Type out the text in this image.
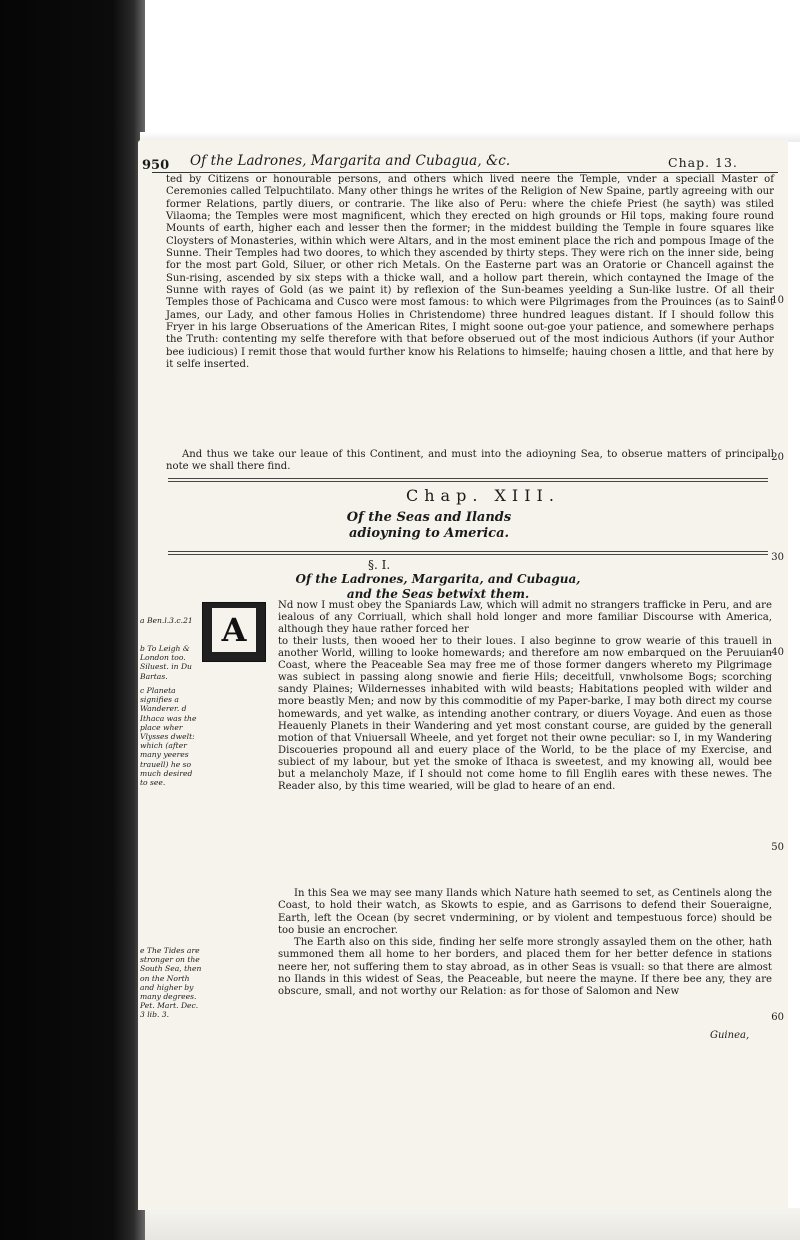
950 Of the Ladrones, Margarita and Cubagua, &c.	Chap. 13.

ted by Citizens or honourable persons, and others which lived neere the Temple, vnder a speciall Master of Ceremonies called Telpuchtilato. Many other things he writes of the Religion of New Spaine, partly agreeing with our former Relations, partly diuers, or contrarie. The like also of Peru: where the chiefe Priest (he sayth) was stiled Vilaoma; the Temples were most magnificent, which they erected on high grounds or Hil tops, making foure round Mounts of earth, higher each and lesser then the former; in the middest building the Temple in foure squares like Cloysters of Monasteries, within which were Altars, and in the most eminent place the rich and pompous Image of the Sunne. Their Temples had two doores, to which they ascended by thirty steps. They were rich on the inner side, being for the most part Gold, Siluer, or other rich Metals. On the Easterne part was an Oratorie or Chancell against the Sun-rising, ascended by six steps with a thicke wall, and a hollow part therein, which contayned the Image of the Sunne with rayes of Gold (as we paint it) by reflexion of the Sun-beames yeelding a Sun-like lustre. Of all their Temples those of Pachicama and Cusco were most famous: to which were Pilgrimages from the Prouinces (as to Saint James, our Lady, and other famous Holies in Christendome) three hundred leagues distant. If I should follow this Fryer in his large Obseruations of the American Rites, I might soone out-goe your patience, and somewhere perhaps the Truth: contenting my selfe therefore with that before obserued out of the most indicious Authors (if your Author bee iudicious) I remit those that would further know his Relations to himselfe; hauing chosen a little, and that here by it selfe inserted.

And thus we take our leaue of this Continent, and must into the adioyning Sea, to obserue matters of principall note we shall there find.

10
20
Chap. XIII.
Of the Seas and Ilands adioyning to America.
30
§. I.
Of the Ladrones, Margarita, and Cubagua, and the Seas betwixt them.
A

Nd now I must obey the Spaniards Law, which will admit no strangers trafficke in Peru, and are iealous of any Corriuall, which shall hold longer and more familiar Discourse with America, although they haue rather forced her

to their lusts, then wooed her to their loues. I also beginne to grow wearie of this trauell in another World, willing to looke homewards; and therefore am now embarqued on the Peruuian Coast, where the Peaceable Sea may free me of those former dangers whereto my Pilgrimage was subiect in passing along snowie and fierie Hils; deceitfull, vnwholsome Bogs; scorching sandy Plaines; Wildernesses inhabited with wild beasts; Habitations peopled with wilder and more beastly Men; and now by this commoditie of my Paper-barke, I may both direct my course homewards, and yet walke, as intending another contrary, or diuers Voyage. And euen as those Heauenly Planets in their Wandering and yet most constant course, are guided by the generall motion of that Vniuersall Wheele, and yet forget not their owne peculiar: so I, in my Wandering Discoueries propound all and euery place of the World, to be the place of my Exercise, and subiect of my labour, but yet the smoke of Ithaca is sweetest, and my knowing all, would bee but a melancholy Maze, if I should not come home to fill Englih eares with these newes. The Reader also, by this time wearied, will be glad to heare of an end.

In this Sea we may see many Ilands which Nature hath seemed to set, as Centinels along the Coast, to hold their watch, as Skowts to espie, and as Garrisons to defend their Soueraigne, Earth, left the Ocean (by secret vndermining, or by violent and tempestuous force) should be too busie an encrocher.

The Earth also on this side, finding her selfe more strongly assayled them on the other, hath summoned them all home to her borders, and placed them for her better defence in stations neere her, not suffering them to stay abroad, as in other Seas is vsuall: so that there are almost no Ilands in this widest of Seas, the Peaceable, but neere the mayne. If there bee any, they are obscure, small, and not worthy our Relation: as for those of Salomon and New

40
50
60
a Ben.l.3.c.21
b To Leigh & London too. Siluest. in Du Bartas.
c Planeta signifies a Wanderer. d Ithaca was the place wher Vlysses dwelt: which (after many yeeres trauell) he so much desired to see.
e The Tides are stronger on the South Sea, then on the North and higher by many degrees. Pet. Mart. Dec. 3 lib. 3.
Guinea,
